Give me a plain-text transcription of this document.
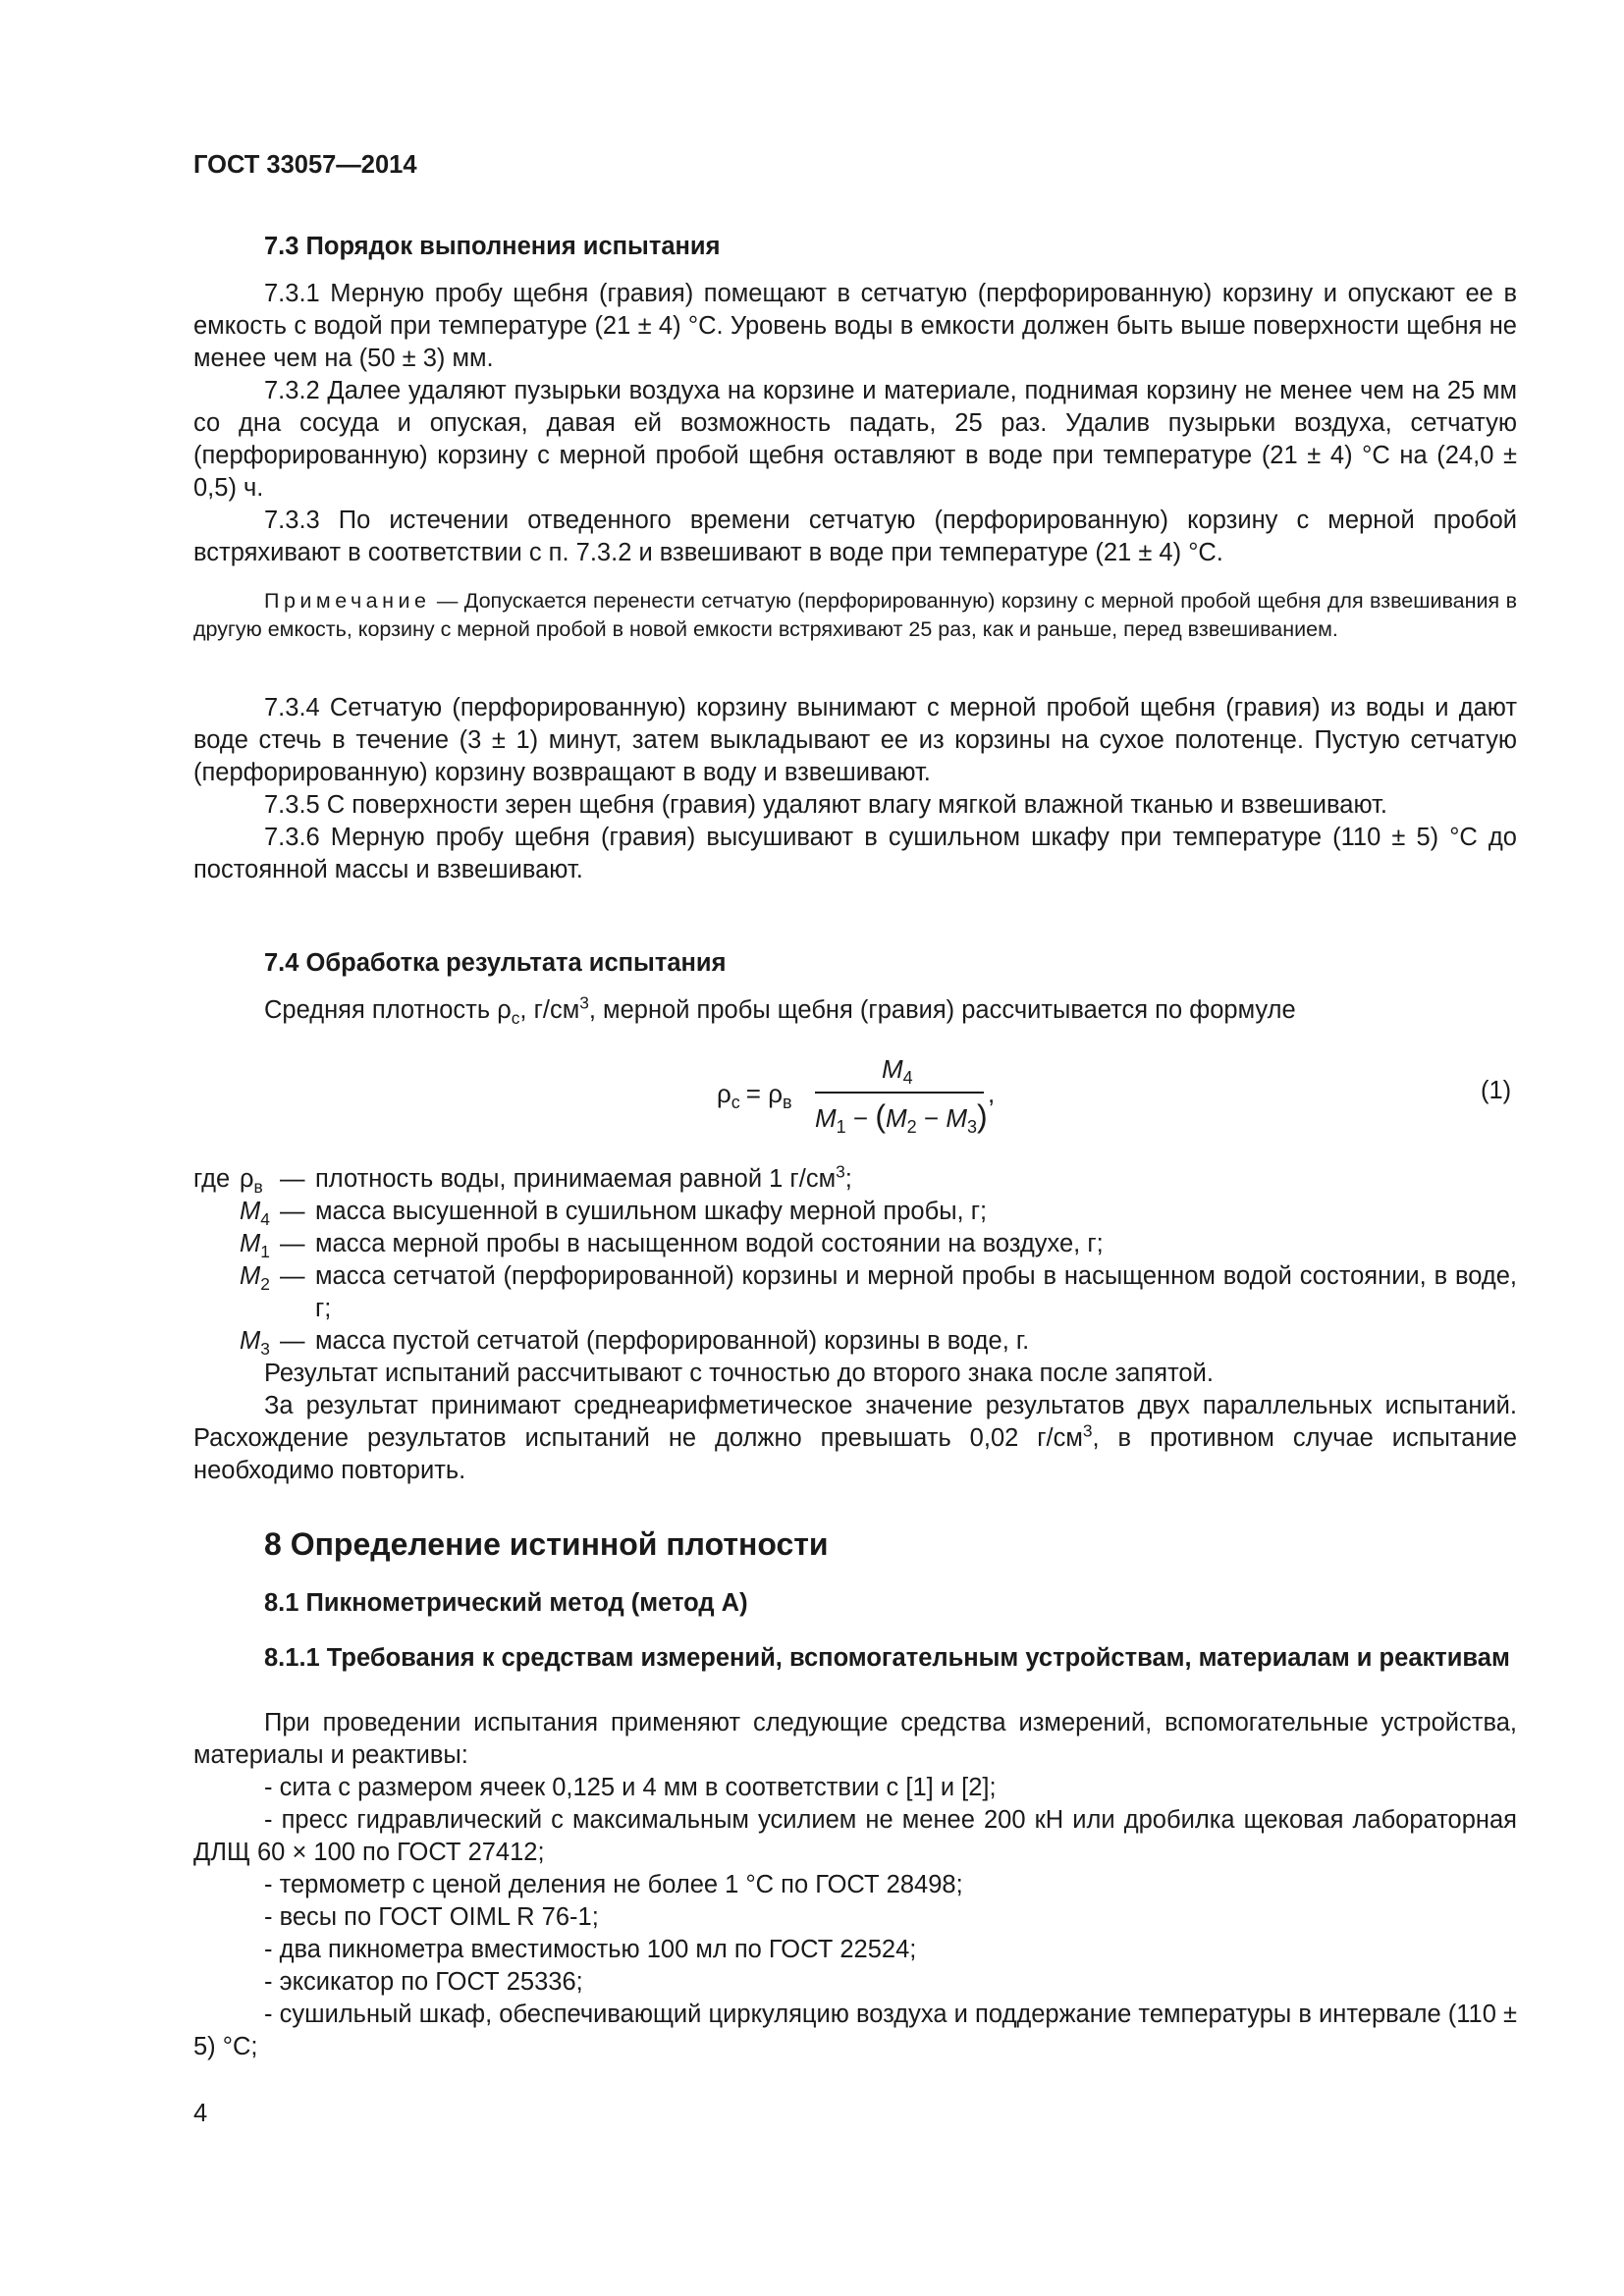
ГОСТ 33057—2014
7.3 Порядок выполнения испытания

7.3.1 Мерную пробу щебня (гравия) помещают в сетчатую (перфорированную) корзину и опускают ее в емкость с водой при температуре (21 ± 4) °С. Уровень воды в емкости должен быть выше поверхности щебня не менее чем на (50 ± 3) мм.

7.3.2 Далее удаляют пузырьки воздуха на корзине и материале, поднимая корзину не менее чем на 25 мм со дна сосуда и опуская, давая ей возможность падать, 25 раз. Удалив пузырьки воздуха, сетчатую (перфорированную) корзину с мерной пробой щебня оставляют в воде при температуре (21 ± 4) °С на (24,0 ± 0,5) ч.

7.3.3 По истечении отведенного времени сетчатую (перфорированную) корзину с мерной пробой встряхивают в соответствии с п. 7.3.2 и взвешивают в воде при температуре (21 ± 4) °С.

Примечание — Допускается перенести сетчатую (перфорированную) корзину с мерной пробой щебня для взвешивания в другую емкость, корзину с мерной пробой в новой емкости встряхивают 25 раз, как и раньше, перед взвешиванием.

7.3.4 Сетчатую (перфорированную) корзину вынимают с мерной пробой щебня (гравия) из воды и дают воде стечь в течение (3 ± 1) минут, затем выкладывают ее из корзины на сухое полотенце. Пустую сетчатую (перфорированную) корзину возвращают в воду и взвешивают.

7.3.5 С поверхности зерен щебня (гравия) удаляют влагу мягкой влажной тканью и взвешивают.

7.3.6 Мерную пробу щебня (гравия) высушивают в сушильном шкафу при температуре (110 ± 5) °С до постоянной массы и взвешивают.

7.4 Обработка результата испытания

Средняя плотность $\rho_с$, $г/см^3$, мерной пробы щебня (гравия) рассчитывается по формуле

$\rho_с = \rho_в$
$M_4$
$M_1 - (M_2 - M_3)$
,	(1)
где $\rho_в$ — плотность воды, принимаемая равной 1 $г/см^3$;
$M_4$ — масса высушенной в сушильном шкафу мерной пробы, г;
$M_1$ — масса мерной пробы в насыщенном водой состоянии на воздухе, г;
$M_2$ — масса сетчатой (перфорированной) корзины и мерной пробы в насыщенном водой состоянии, в воде, г;
$M_3$ — масса пустой сетчатой (перфорированной) корзины в воде, г.

Результат испытаний рассчитывают с точностью до второго знака после запятой.

За результат принимают среднеарифметическое значение результатов двух параллельных испытаний. Расхождение результатов испытаний не должно превышать 0,02 $г/см^3$, в противном случае испытание необходимо повторить.

8 Определение истинной плотности
8.1 Пикнометрический метод (метод А)

8.1.1 Требования к средствам измерений, вспомогательным устройствам, материалам и реактивам

При проведении испытания применяют следующие средства измерений, вспомогательные устройства, материалы и реактивы:

- сита с размером ячеек 0,125 и 4 мм в соответствии с [1] и [2];

- пресс гидравлический с максимальным усилием не менее 200 кН или дробилка щековая лабораторная ДЛЩ 60 × 100 по ГОСТ 27412;

- термометр с ценой деления не более 1 °С по ГОСТ 28498;

- весы по ГОСТ OIML R 76-1;

- два пикнометра вместимостью 100 мл по ГОСТ 22524;

- эксикатор по ГОСТ 25336;

- сушильный шкаф, обеспечивающий циркуляцию воздуха и поддержание температуры в интервале (110 ± 5) °С;

4
